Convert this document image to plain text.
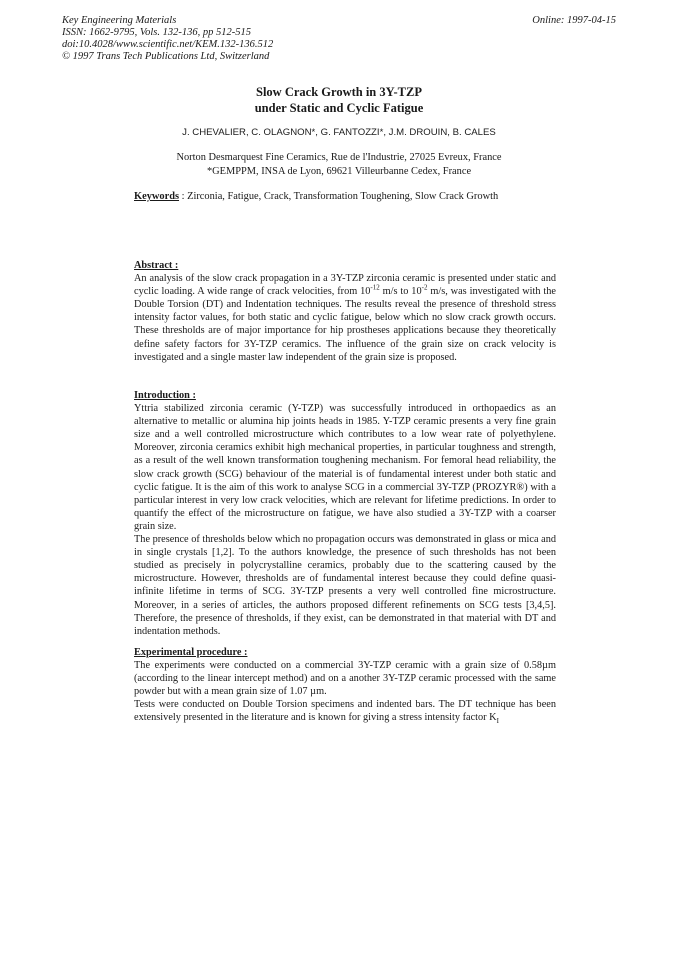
Key Engineering Materials
ISSN: 1662-9795, Vols. 132-136, pp 512-515
doi:10.4028/www.scientific.net/KEM.132-136.512
© 1997 Trans Tech Publications Ltd, Switzerland
Online: 1997-04-15
Slow Crack Growth in 3Y-TZP
under Static and Cyclic Fatigue
J. CHEVALIER, C. OLAGNON*, G. FANTOZZI*, J.M. DROUIN, B. CALES
Norton Desmarquest Fine Ceramics, Rue de l'Industrie, 27025 Evreux, France
*GEMPPM, INSA de Lyon, 69621 Villeurbanne Cedex, France
Keywords : Zirconia, Fatigue, Crack, Transformation Toughening, Slow Crack Growth
Abstract :

An analysis of the slow crack propagation in a 3Y-TZP zirconia ceramic is presented under static and cyclic loading. A wide range of crack velocities, from $10^{-12}$ m/s to $10^{-2}$ m/s, was investigated with the Double Torsion (DT) and Indentation techniques. The results reveal the presence of threshold stress intensity factor values, for both static and cyclic fatigue, below which no slow crack growth occurs. These thresholds are of major importance for hip prostheses applications because they theoretically define safety factors for 3Y-TZP ceramics. The influence of the grain size on crack velocity is investigated and a single master law independent of the grain size is proposed.

Introduction :

Yttria stabilized zirconia ceramic (Y-TZP) was successfully introduced in orthopaedics as an alternative to metallic or alumina hip joints heads in 1985. Y-TZP ceramic presents a very fine grain size and a well controlled microstructure which contributes to a low wear rate of polyethylene. Moreover, zirconia ceramics exhibit high mechanical properties, in particular toughness and strength, as a result of the well known transformation toughening mechanism. For femoral head reliability, the slow crack growth (SCG) behaviour of the material is of fundamental interest under both static and cyclic fatigue. It is the aim of this work to analyse SCG in a commercial 3Y-TZP (PROZYR®) with a particular interest in very low crack velocities, which are relevant for lifetime predictions. In order to quantify the effect of the microstructure on fatigue, we have also studied a 3Y-TZP with a coarser grain size.

The presence of thresholds below which no propagation occurs was demonstrated in glass or mica and in single crystals [1,2]. To the authors knowledge, the presence of such thresholds has not been studied as precisely in polycrystalline ceramics, probably due to the scattering caused by the microstructure. However, thresholds are of fundamental interest because they could define quasi-infinite lifetime in terms of SCG. 3Y-TZP presents a very well controlled fine microstructure. Moreover, in a series of articles, the authors proposed different refinements on SCG tests [3,4,5]. Therefore, the presence of thresholds, if they exist, can be demonstrated in that material with DT and indentation methods.

Experimental procedure :

The experiments were conducted on a commercial 3Y-TZP ceramic with a grain size of 0.58µm (according to the linear intercept method) and on a another 3Y-TZP ceramic processed with the same powder but with a mean grain size of 1.07 µm.

Tests were conducted on Double Torsion specimens and indented bars. The DT technique has been extensively presented in the literature and is known for giving a stress intensity factor $K_I$
